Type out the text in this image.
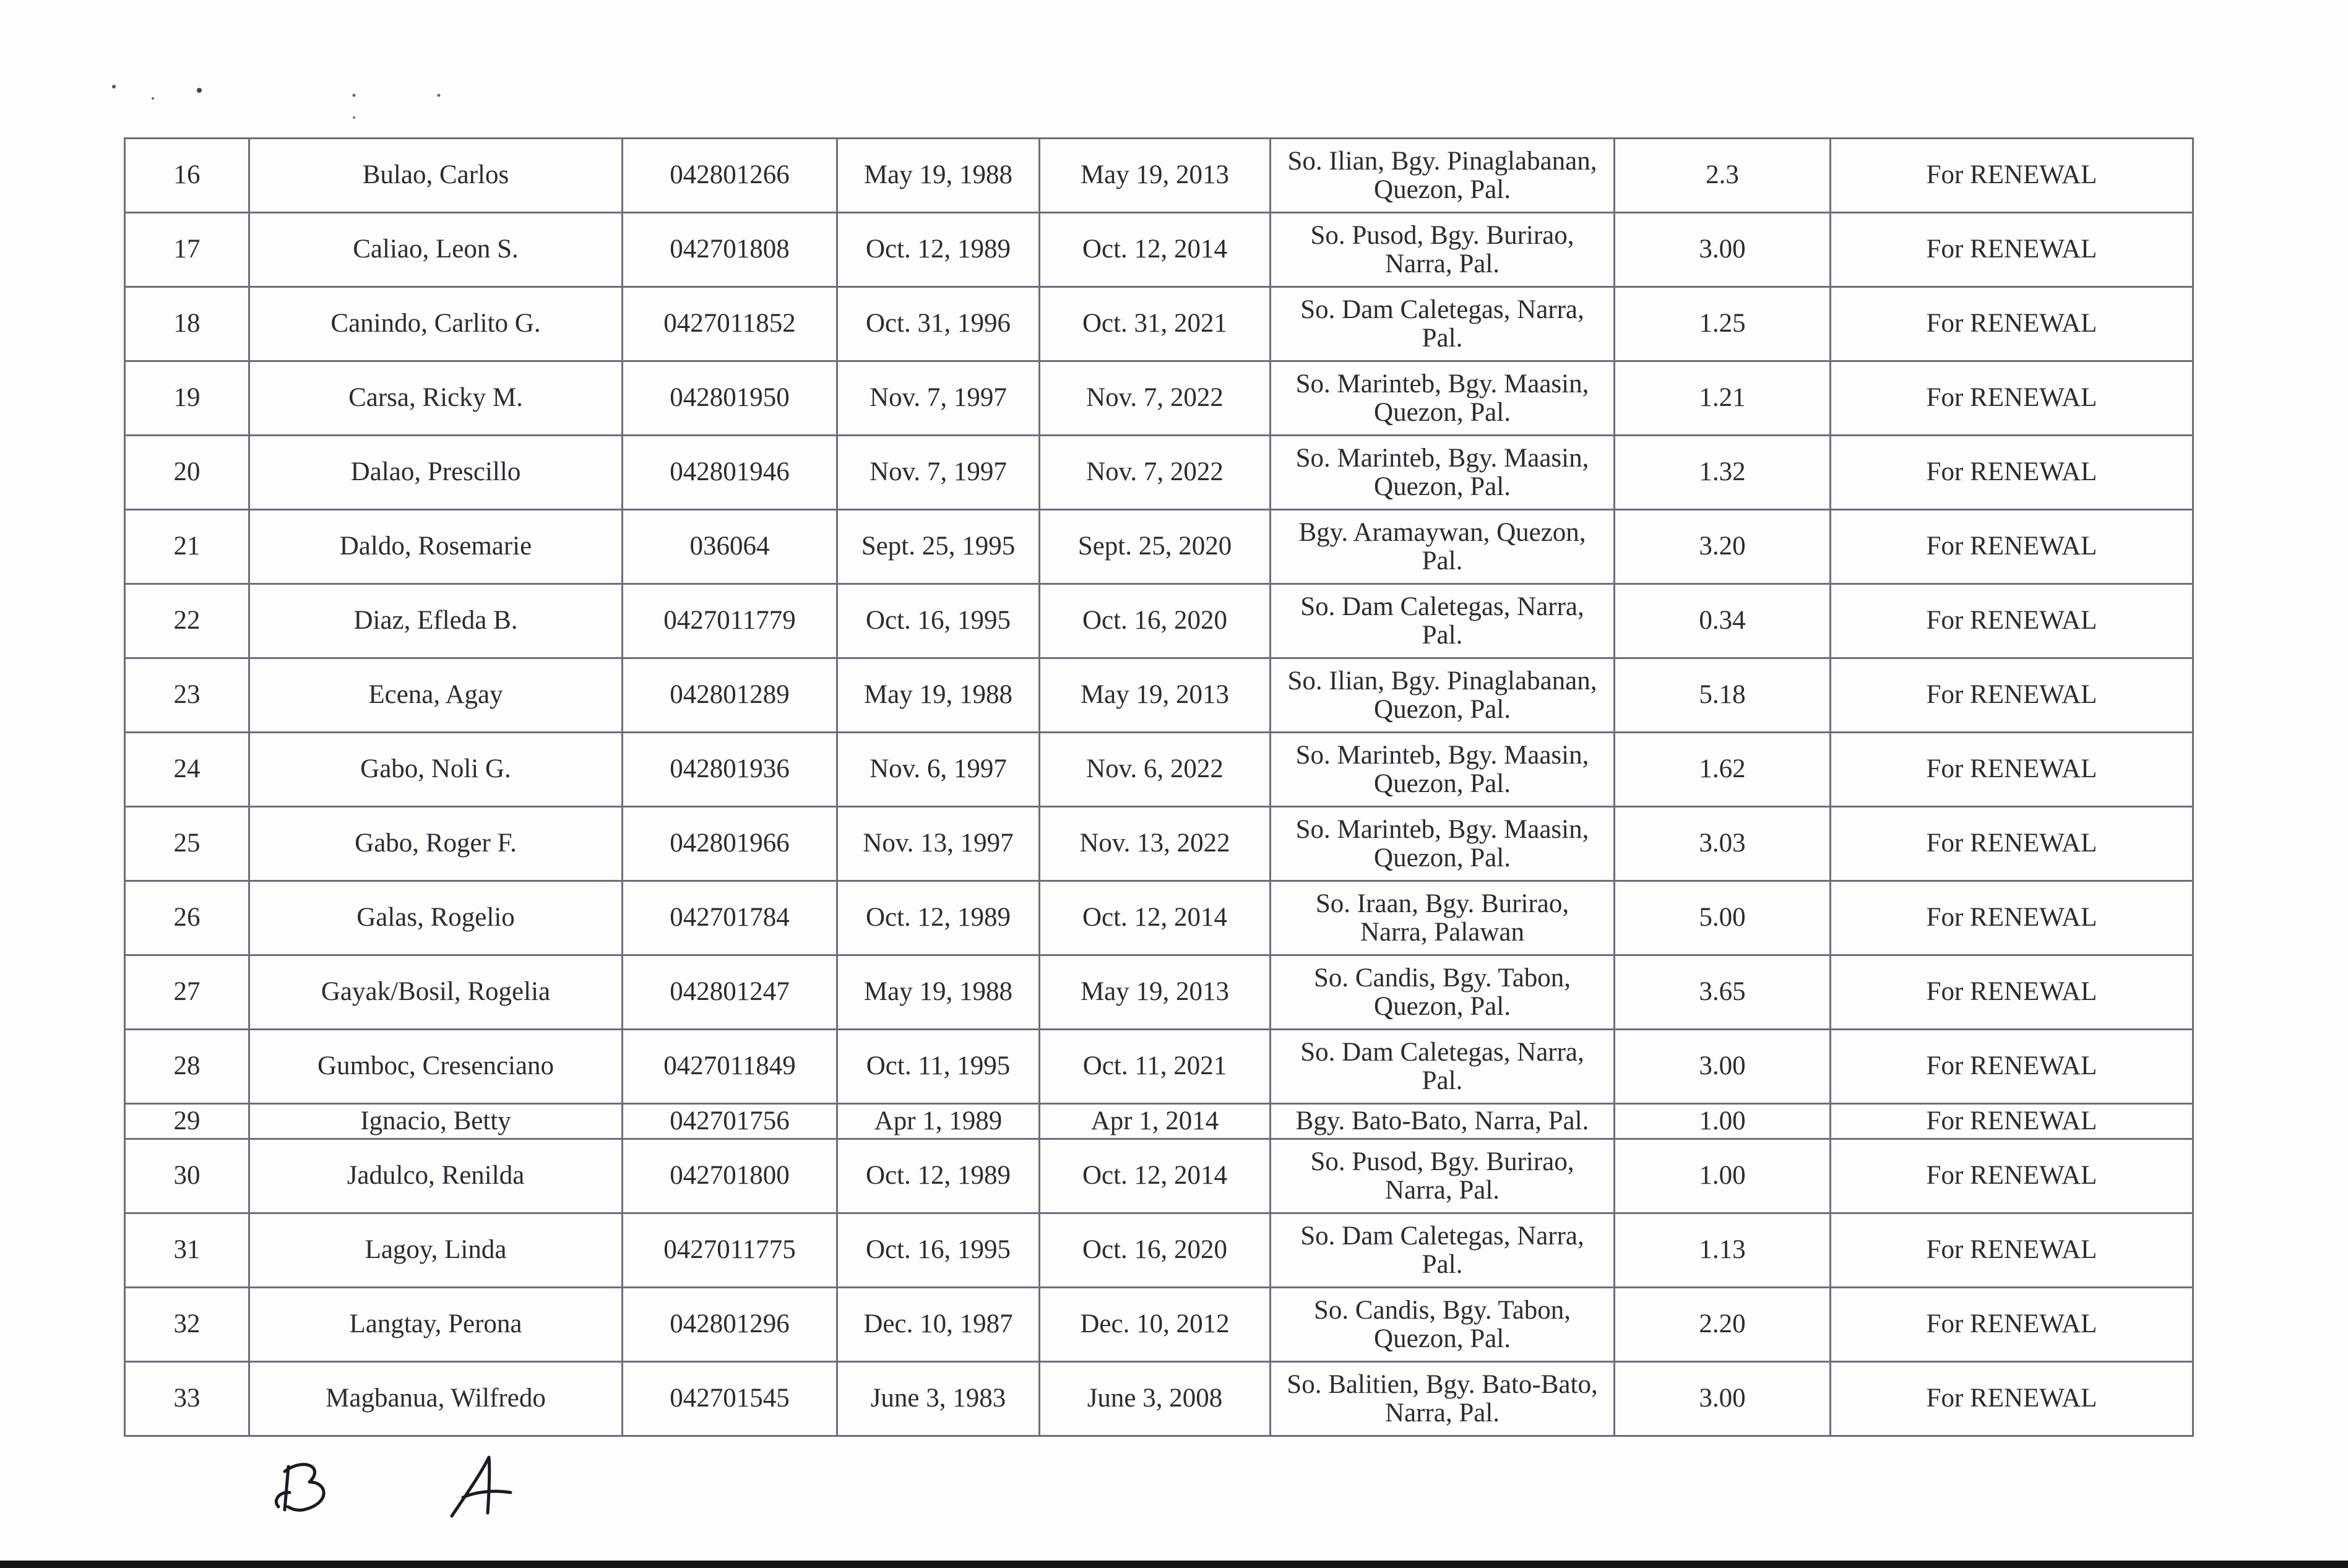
16	Bulao, Carlos	042801266	May 19, 1988	May 19, 2013	So. Ilian, Bgy. Pinaglabanan,
Quezon, Pal.	2.3	For RENEWAL
17	Caliao, Leon S.	042701808	Oct. 12, 1989	Oct. 12, 2014	So. Pusod, Bgy. Burirao,
Narra, Pal.	3.00	For RENEWAL
18	Canindo, Carlito G.	0427011852	Oct. 31, 1996	Oct. 31, 2021	So. Dam Caletegas, Narra,
Pal.	1.25	For RENEWAL
19	Carsa, Ricky M.	042801950	Nov. 7, 1997	Nov. 7, 2022	So. Marinteb, Bgy. Maasin,
Quezon, Pal.	1.21	For RENEWAL
20	Dalao, Prescillo	042801946	Nov. 7, 1997	Nov. 7, 2022	So. Marinteb, Bgy. Maasin,
Quezon, Pal.	1.32	For RENEWAL
21	Daldo, Rosemarie	036064	Sept. 25, 1995	Sept. 25, 2020	Bgy. Aramaywan, Quezon,
Pal.	3.20	For RENEWAL
22	Diaz, Efleda B.	0427011779	Oct. 16, 1995	Oct. 16, 2020	So. Dam Caletegas, Narra,
Pal.	0.34	For RENEWAL
23	Ecena, Agay	042801289	May 19, 1988	May 19, 2013	So. Ilian, Bgy. Pinaglabanan,
Quezon, Pal.	5.18	For RENEWAL
24	Gabo, Noli G.	042801936	Nov. 6, 1997	Nov. 6, 2022	So. Marinteb, Bgy. Maasin,
Quezon, Pal.	1.62	For RENEWAL
25	Gabo, Roger F.	042801966	Nov. 13, 1997	Nov. 13, 2022	So. Marinteb, Bgy. Maasin,
Quezon, Pal.	3.03	For RENEWAL
26	Galas, Rogelio	042701784	Oct. 12, 1989	Oct. 12, 2014	So. Iraan, Bgy. Burirao,
Narra, Palawan	5.00	For RENEWAL
27	Gayak/Bosil, Rogelia	042801247	May 19, 1988	May 19, 2013	So. Candis, Bgy. Tabon,
Quezon, Pal.	3.65	For RENEWAL
28	Gumboc, Cresenciano	0427011849	Oct. 11, 1995	Oct. 11, 2021	So. Dam Caletegas, Narra,
Pal.	3.00	For RENEWAL
29	Ignacio, Betty	042701756	Apr 1, 1989	Apr 1, 2014	Bgy. Bato-Bato, Narra, Pal.	1.00	For RENEWAL
30	Jadulco, Renilda	042701800	Oct. 12, 1989	Oct. 12, 2014	So. Pusod, Bgy. Burirao,
Narra, Pal.	1.00	For RENEWAL
31	Lagoy, Linda	0427011775	Oct. 16, 1995	Oct. 16, 2020	So. Dam Caletegas, Narra,
Pal.	1.13	For RENEWAL
32	Langtay, Perona	042801296	Dec. 10, 1987	Dec. 10, 2012	So. Candis, Bgy. Tabon,
Quezon, Pal.	2.20	For RENEWAL
33	Magbanua, Wilfredo	042701545	June 3, 1983	June 3, 2008	So. Balitien, Bgy. Bato-Bato,
Narra, Pal.	3.00	For RENEWAL
